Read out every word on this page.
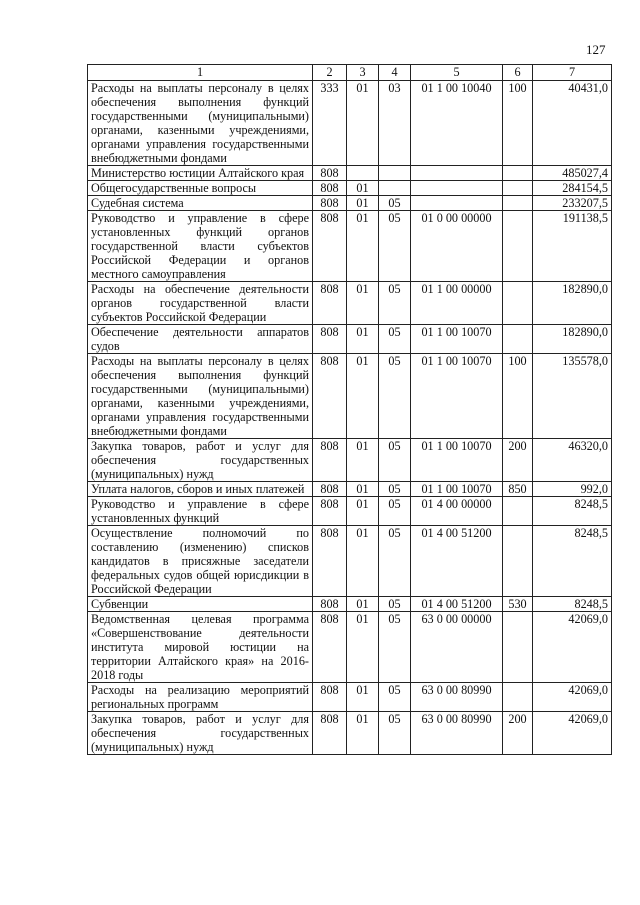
127
1	2	3	4	5	6	7
Расходы на выплаты персоналу в целях обеспечения выполнения функций государственными (муниципальными) органами, казенными учреждениями, органами управления государственными внебюджетными фондами	333	01	03	01 1 00 10040	100	40431,0
Министерство юстиции Алтайского края	808					485027,4
Общегосударственные вопросы	808	01				284154,5
Судебная система	808	01	05			233207,5
Руководство и управление в сфере установленных функций органов государственной власти субъектов Российской Федерации и органов местного самоуправления	808	01	05	01 0 00 00000		191138,5
Расходы на обеспечение деятельности органов государственной власти субъектов Российской Федерации	808	01	05	01 1 00 00000		182890,0
Обеспечение деятельности аппаратов судов	808	01	05	01 1 00 10070		182890,0
Расходы на выплаты персоналу в целях обеспечения выполнения функций государственными (муниципальными) органами, казенными учреждениями, органами управления государственными внебюджетными фондами	808	01	05	01 1 00 10070	100	135578,0
Закупка товаров, работ и услуг для обеспечения государственных (муниципальных) нужд	808	01	05	01 1 00 10070	200	46320,0
Уплата налогов, сборов и иных платежей	808	01	05	01 1 00 10070	850	992,0
Руководство и управление в сфере установленных функций	808	01	05	01 4 00 00000		8248,5
Осуществление полномочий по составлению (изменению) списков кандидатов в присяжные заседатели федеральных судов общей юрисдикции в Российской Федерации	808	01	05	01 4 00 51200		8248,5
Субвенции	808	01	05	01 4 00 51200	530	8248,5
Ведомственная целевая программа «Совершенствование деятельности института мировой юстиции на территории Алтайского края» на 2016-2018 годы	808	01	05	63 0 00 00000		42069,0
Расходы на реализацию мероприятий региональных программ	808	01	05	63 0 00 80990		42069,0
Закупка товаров, работ и услуг для обеспечения государственных (муниципальных) нужд	808	01	05	63 0 00 80990	200	42069,0
